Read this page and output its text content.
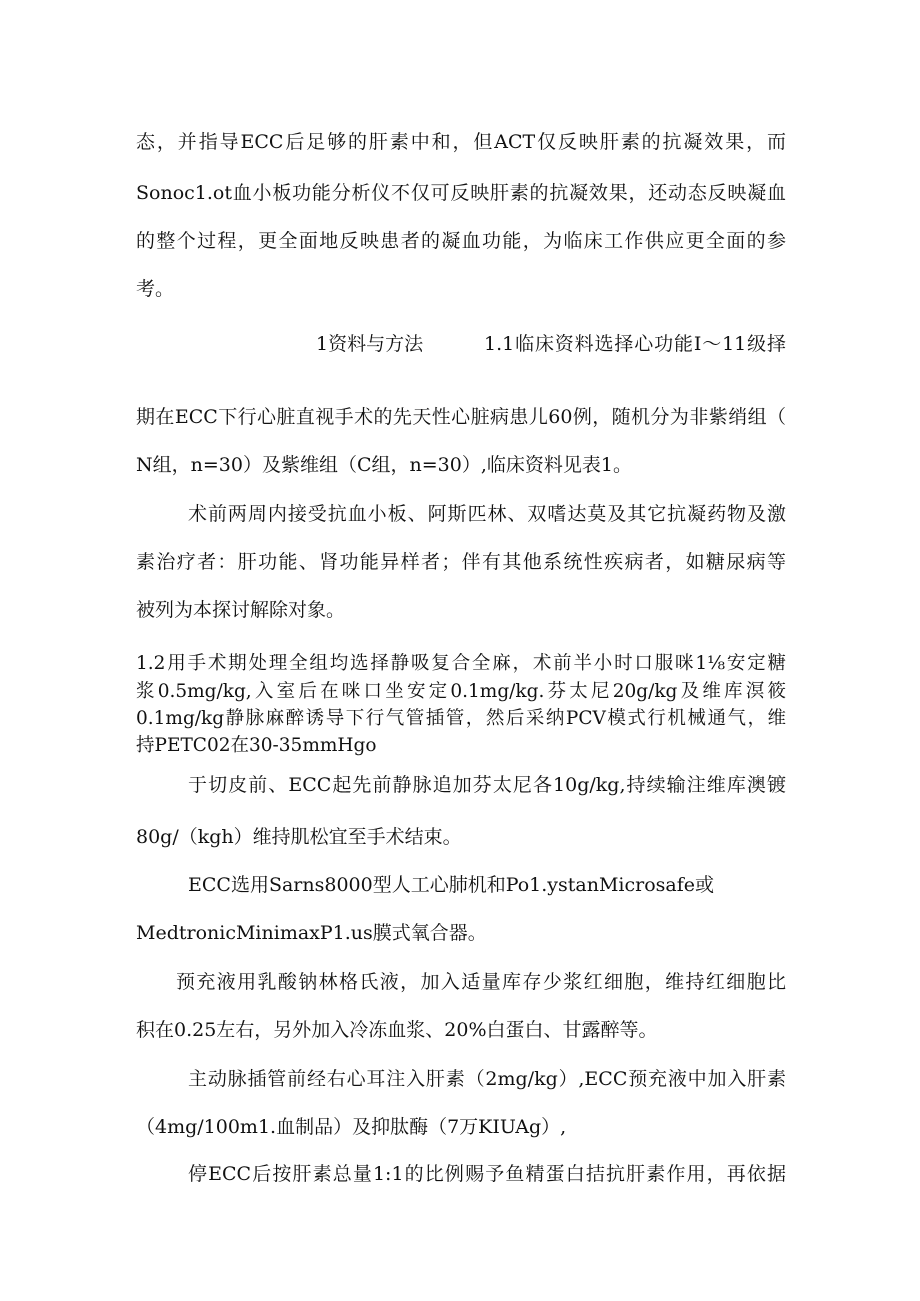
态，并指导ECC后足够的肝素中和，但ACT仅反映肝素的抗凝效果，而
Sonoc1.ot血小板功能分析仪不仅可反映肝素的抗凝效果，还动态反映凝血
的整个过程，更全面地反映患者的凝血功能，为临床工作供应更全面的参
考。
1资料与方法	1.1临床资料选择心功能I～11级择
期在ECC下行心脏直视手术的先天性心脏病患儿60例，随机分为非紫绡组（
N组，n=30）及紫维组（C组，n=30）,临床资料见表1。
术前两周内接受抗血小板、阿斯匹林、双嗜达莫及其它抗凝药物及激
素治疗者：肝功能、肾功能异样者；伴有其他系统性疾病者，如糖尿病等
被列为本探讨解除对象。
1.2用手术期处理全组均选择静吸复合全麻，术前半小时口服咪1⅛安定糖
浆0.5mg/kg,入室后在咪口坐安定0.1mg/kg.芬太尼20g/kg及维库溟筱
0.1mg/kg静脉麻醉诱导下行气管插管，然后采纳PCV模式行机械通气，维
持PETC02在30-35mmHgo
于切皮前、ECC起先前静脉追加芬太尼各10g/kg,持续输注维库澳镀
80g/（kgh）维持肌松宜至手术结束。
ECC选用Sarns8000型人工心肺机和Po1.ystanMicrosafe或
MedtronicMinimaxP1.us膜式氧合器。
预充液用乳酸钠林格氏液，加入适量库存少浆红细胞，维持红细胞比
积在0.25左右，另外加入冷冻血浆、20%白蛋白、甘露醉等。
主动脉插管前经右心耳注入肝素（2mg/kg）,ECC预充液中加入肝素
（4mg/100m1.血制品）及抑肽酶（7万KIUAg）,
停ECC后按肝素总量1:1的比例赐予鱼精蛋白拮抗肝素作用，再依据
